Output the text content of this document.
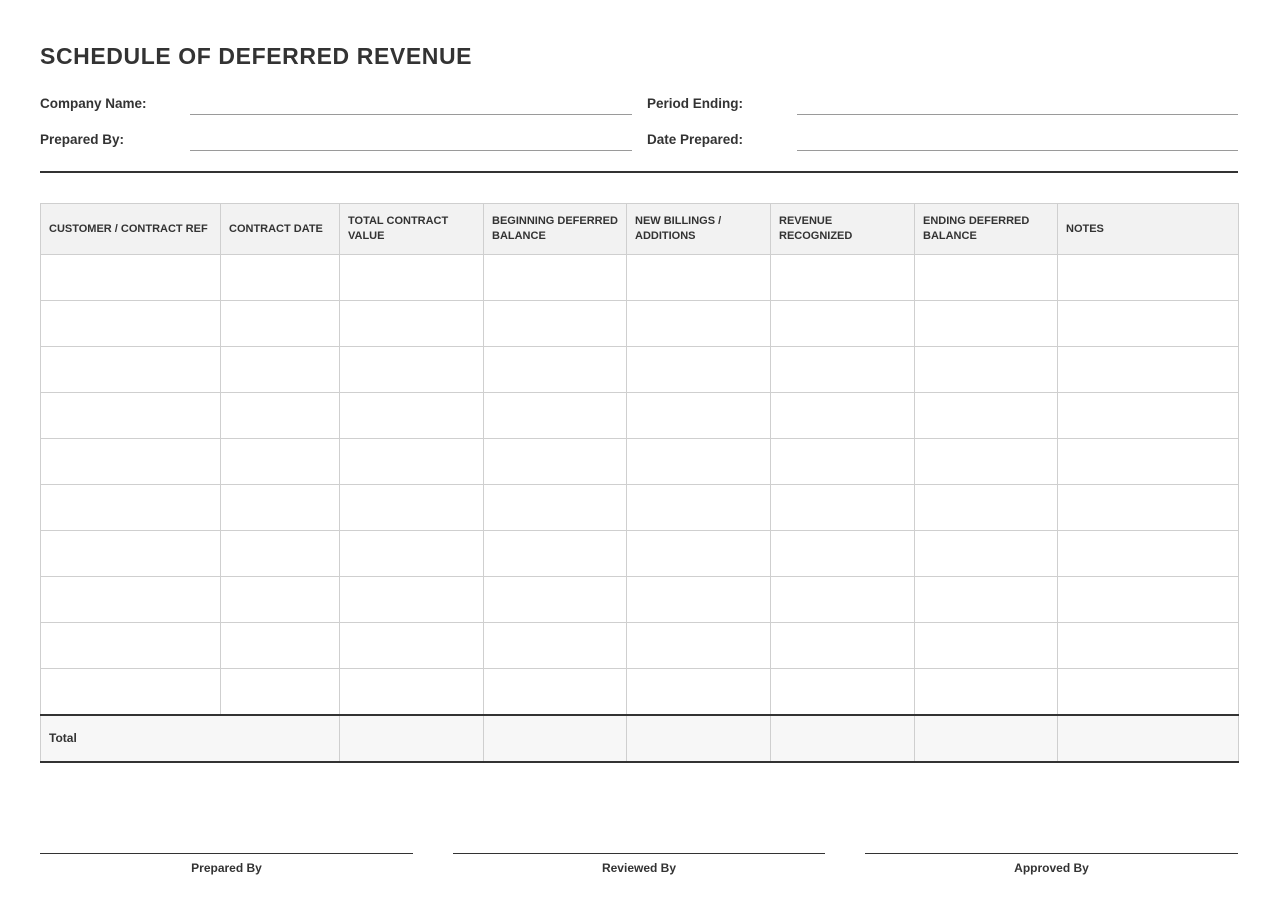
SCHEDULE OF DEFERRED REVENUE
Company Name:	Period Ending:
Prepared By:	Date Prepared:
CUSTOMER / CONTRACT REF	CONTRACT DATE	TOTAL CONTRACT VALUE	BEGINNING DEFERRED BALANCE	NEW BILLINGS / ADDITIONS	REVENUE RECOGNIZED	ENDING DEFERRED BALANCE	NOTES

Total							
Prepared By	Reviewed By	Approved By
